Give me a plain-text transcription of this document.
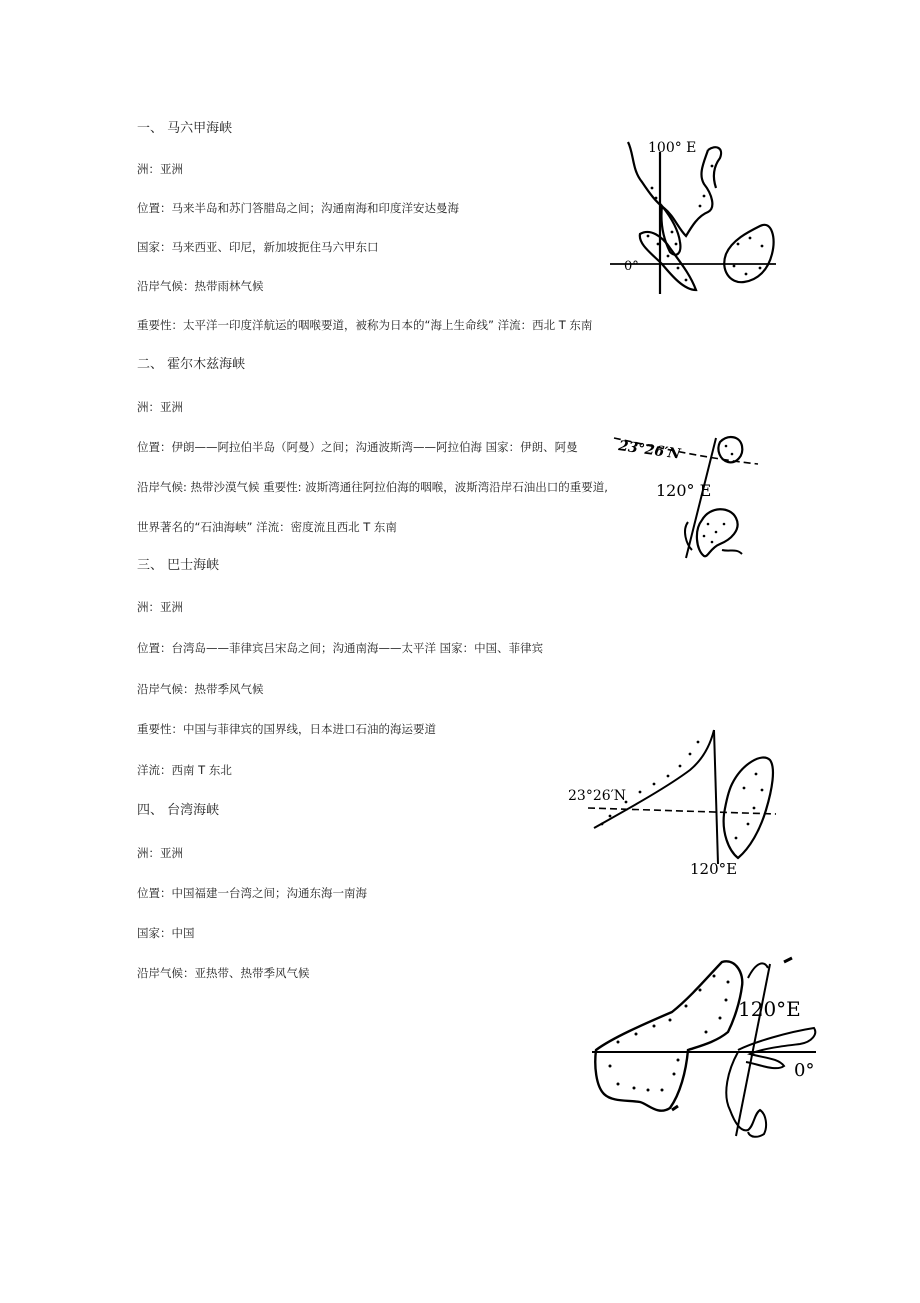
一、 马六甲海峡
洲：亚洲
位置：马来半岛和苏门答腊岛之间；沟通南海和印度洋安达曼海
国家：马来西亚、印尼，新加坡扼住马六甲东口
沿岸气候：热带雨林气候
重要性：太平洋一印度洋航运的咽喉要道，被称为日本的“海上生命线” 洋流：西北 T 东南
二、 霍尔木兹海峡
洲：亚洲
位置：伊朗——阿拉伯半岛（阿曼）之间；沟通波斯湾——阿拉伯海 国家：伊朗、阿曼
沿岸气候: 热带沙漠气候 重要性: 波斯湾通往阿拉伯海的咽喉，波斯湾沿岸石油出口的重要道,
世界著名的“石油海峡” 洋流：密度流且西北 T 东南
三、 巴士海峡
洲：亚洲
位置：台湾岛——菲律宾吕宋岛之间；沟通南海——太平洋 国家：中国、菲律宾
沿岸气候：热带季风气候
重要性：中国与菲律宾的国界线，日本进口石油的海运要道
洋流：西南 T 东北
四、 台湾海峡
洲：亚洲
位置：中国福建一台湾之间；沟通东海一南海
国家：中国
沿岸气候：亚热带、热带季风气候
100° E
0°
23°26′N
120° E
23°26′N
120°E
120°E
0°
